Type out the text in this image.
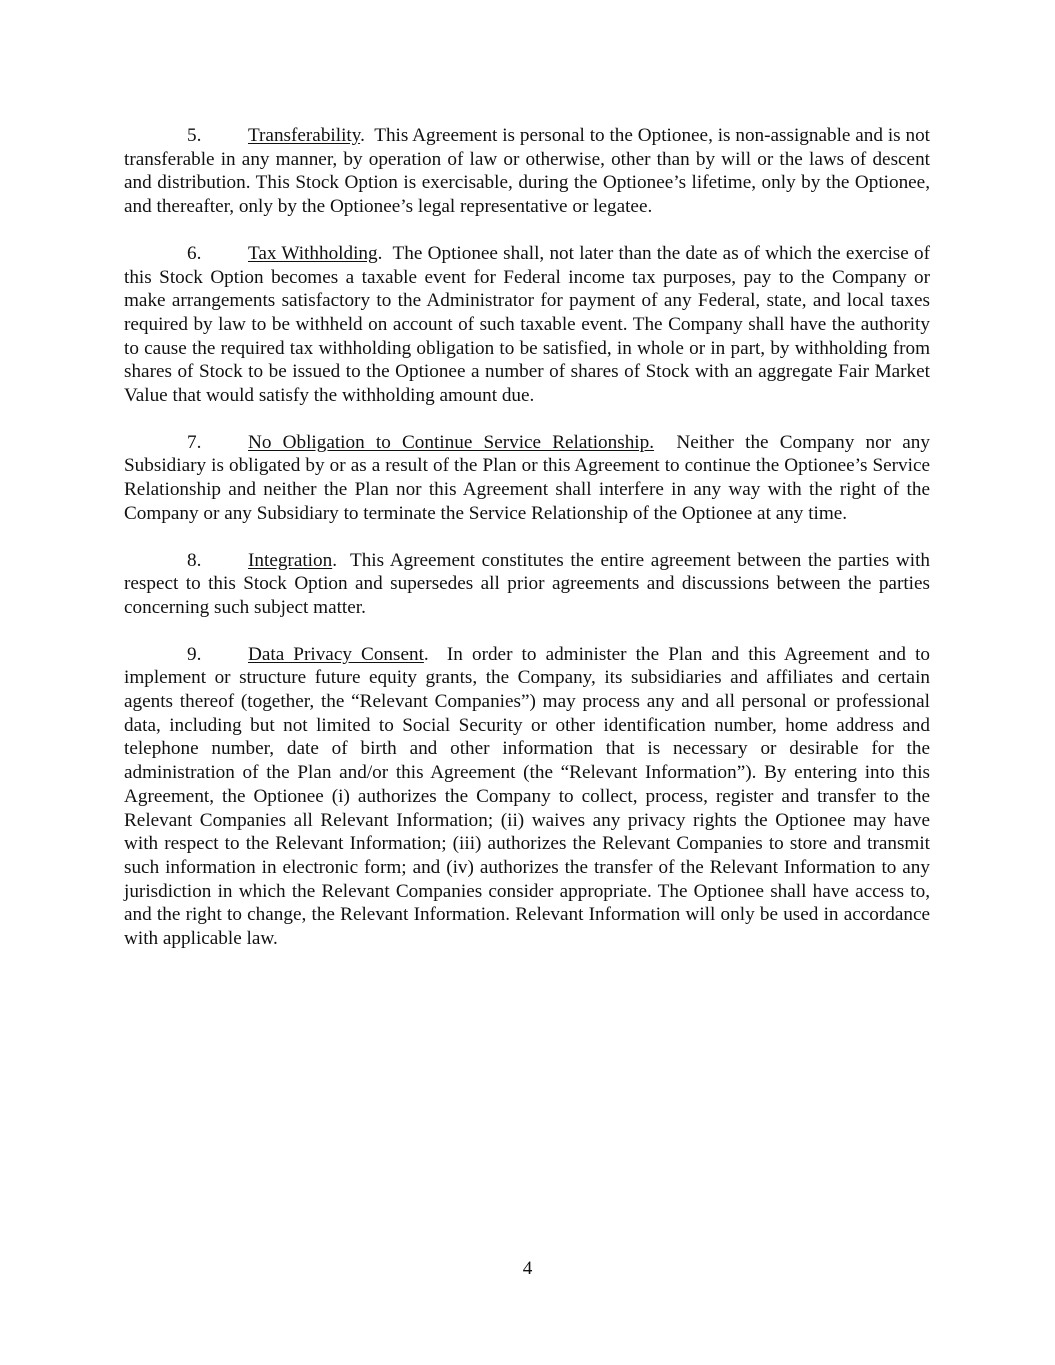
5. Transferability. This Agreement is personal to the Optionee, is non-assignable and is not transferable in any manner, by operation of law or otherwise, other than by will or the laws of descent and distribution. This Stock Option is exercisable, during the Optionee’s lifetime, only by the Optionee, and thereafter, only by the Optionee’s legal representative or legatee.

6. Tax Withholding. The Optionee shall, not later than the date as of which the exercise of this Stock Option becomes a taxable event for Federal income tax purposes, pay to the Company or make arrangements satisfactory to the Administrator for payment of any Federal, state, and local taxes required by law to be withheld on account of such taxable event. The Company shall have the authority to cause the required tax withholding obligation to be satisfied, in whole or in part, by withholding from shares of Stock to be issued to the Optionee a number of shares of Stock with an aggregate Fair Market Value that would satisfy the withholding amount due.

7. No Obligation to Continue Service Relationship. Neither the Company nor any Subsidiary is obligated by or as a result of the Plan or this Agreement to continue the Optionee’s Service Relationship and neither the Plan nor this Agreement shall interfere in any way with the right of the Company or any Subsidiary to terminate the Service Relationship of the Optionee at any time.

8. Integration. This Agreement constitutes the entire agreement between the parties with respect to this Stock Option and supersedes all prior agreements and discussions between the parties concerning such subject matter.

9. Data Privacy Consent. In order to administer the Plan and this Agreement and to implement or structure future equity grants, the Company, its subsidiaries and affiliates and certain agents thereof (together, the “Relevant Companies”) may process any and all personal or professional data, including but not limited to Social Security or other identification number, home address and telephone number, date of birth and other information that is necessary or desirable for the administration of the Plan and/or this Agreement (the “Relevant Information”). By entering into this Agreement, the Optionee (i) authorizes the Company to collect, process, register and transfer to the Relevant Companies all Relevant Information; (ii) waives any privacy rights the Optionee may have with respect to the Relevant Information; (iii) authorizes the Relevant Companies to store and transmit such information in electronic form; and (iv) authorizes the transfer of the Relevant Information to any jurisdiction in which the Relevant Companies consider appropriate. The Optionee shall have access to, and the right to change, the Relevant Information. Relevant Information will only be used in accordance with applicable law.

4
